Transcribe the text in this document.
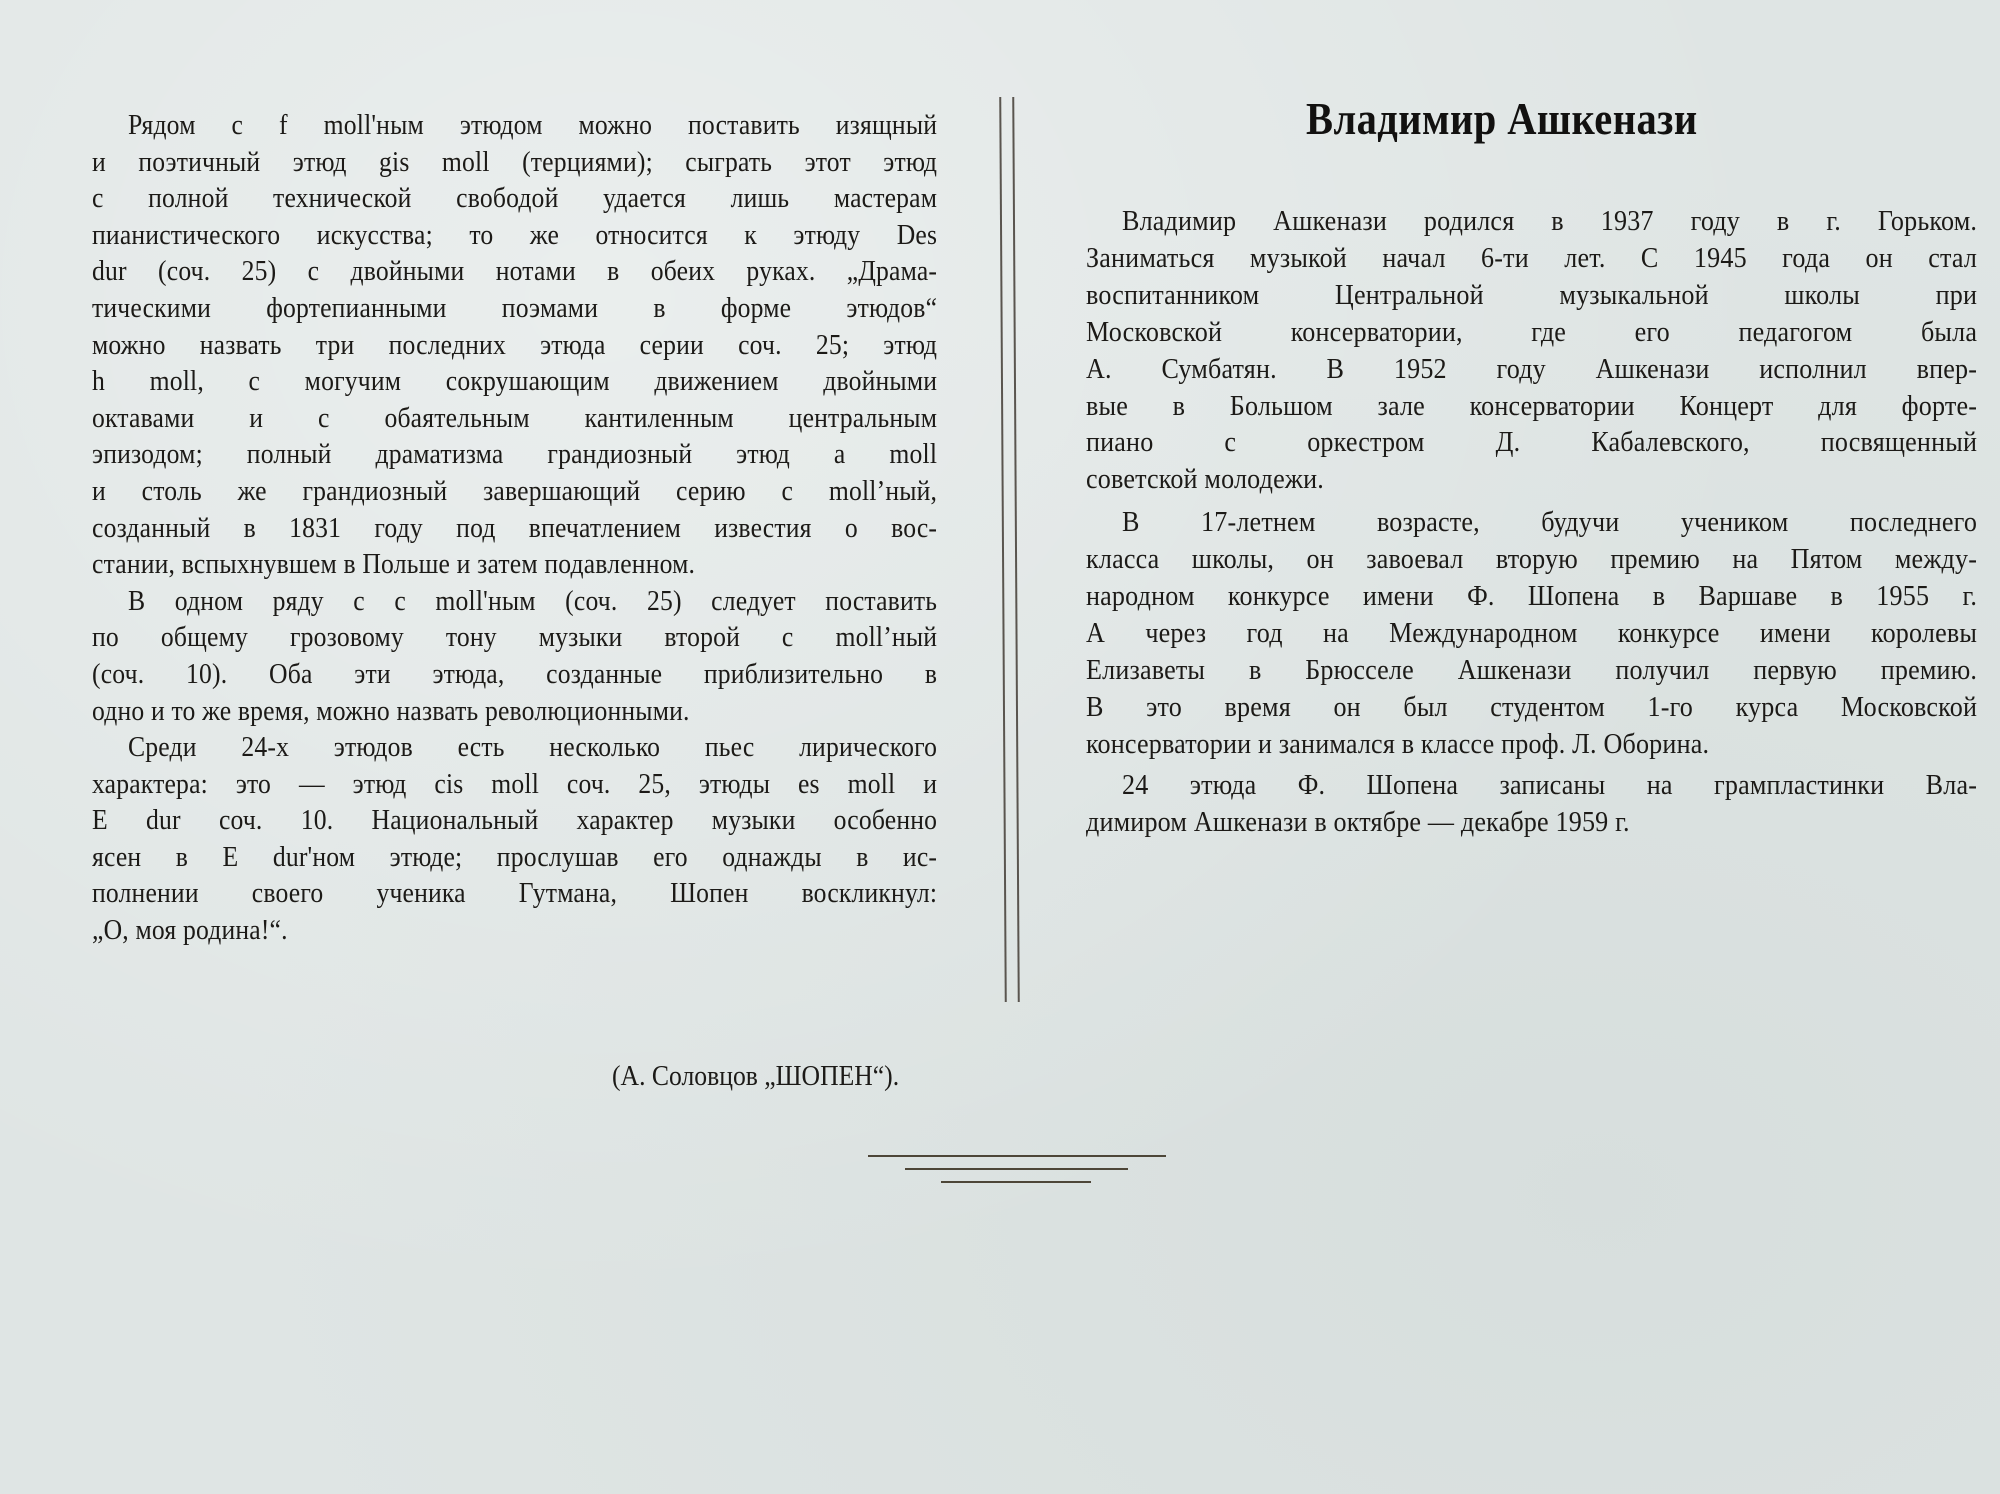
Рядом с f moll'ным этюдом можно поставить изящный
и поэтичный этюд gis moll (терциями); сыграть этот этюд
с полной технической свободой удается лишь мастерам
пианистического искусства; то же относится к этюду Des
dur (соч. 25) с двойными нотами в обеих руках. „Драма-
тическими фортепианными поэмами в форме этюдов“
можно назвать три последних этюда серии соч. 25; этюд
h moll, с могучим сокрушающим движением двойными
октавами и с обаятельным кантиленным центральным
эпизодом; полный драматизма грандиозный этюд a moll
и столь же грандиозный завершающий серию с moll’ный,
созданный в 1831 году под впечатлением известия о вос-
стании, вспыхнувшем в Польше и затем подавленном.

В одном ряду с с moll'ным (соч. 25) следует поставить
по общему грозовому тону музыки второй с moll’ный
(соч. 10). Оба эти этюда, созданные приблизительно в
одно и то же время, можно назвать революционными.

Среди 24-х этюдов есть несколько пьес лирического
характера: это — этюд cis moll соч. 25, этюды es moll и
E dur соч. 10. Национальный характер музыки особенно
ясен в E dur'ном этюде; прослушав его однажды в ис-
полнении своего ученика Гутмана, Шопен воскликнул:
„О, моя родина!“.

(А. Соловцов „ШОПЕН“).
Владимир Ашкенази

Владимир Ашкенази родился в 1937 году в г. Горьком.
Заниматься музыкой начал 6-ти лет. С 1945 года он стал
воспитанником Центральной музыкальной школы при
Московской консерватории, где его педагогом была
А. Сумбатян. В 1952 году Ашкенази исполнил впер-
вые в Большом зале консерватории Концерт для форте-
пиано с оркестром Д. Кабалевского, посвященный
советской молодежи.

В 17-летнем возрасте, будучи учеником последнего
класса школы, он завоевал вторую премию на Пятом между-
народном конкурсе имени Ф. Шопена в Варшаве в 1955 г.
А через год на Международном конкурсе имени королевы
Елизаветы в Брюсселе Ашкенази получил первую премию.
В это время он был студентом 1-го курса Московской
консерватории и занимался в классе проф. Л. Оборина.

24 этюда Ф. Шопена записаны на грампластинки Вла-
димиром Ашкенази в октябре — декабре 1959 г.
